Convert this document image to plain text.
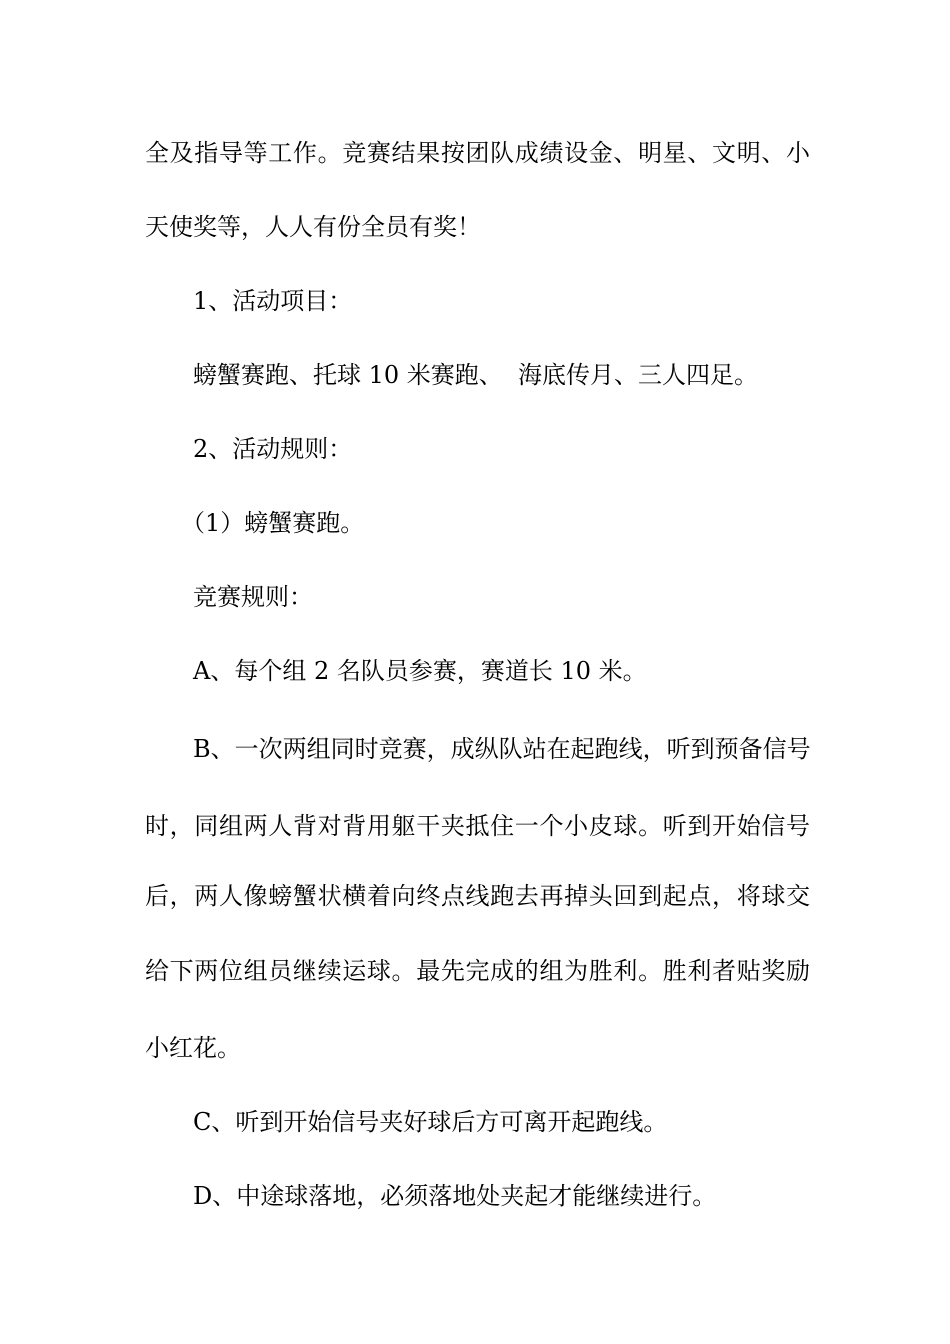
全及指导等工作。竞赛结果按团队成绩设金、明星、文明、小
天使奖等，人人有份全员有奖！
1、活动项目：
螃蟹赛跑、托球 10 米赛跑、  海底传月、三人四足。
2、活动规则：
（1）螃蟹赛跑。
竞赛规则：
A、每个组 2 名队员参赛，赛道长 10 米。
B、一次两组同时竞赛，成纵队站在起跑线，听到预备信号
时，同组两人背对背用躯干夹抵住一个小皮球。听到开始信号
后，两人像螃蟹状横着向终点线跑去再掉头回到起点，将球交
给下两位组员继续运球。最先完成的组为胜利。胜利者贴奖励
小红花。
C、听到开始信号夹好球后方可离开起跑线。
D、中途球落地，必须落地处夹起才能继续进行。
